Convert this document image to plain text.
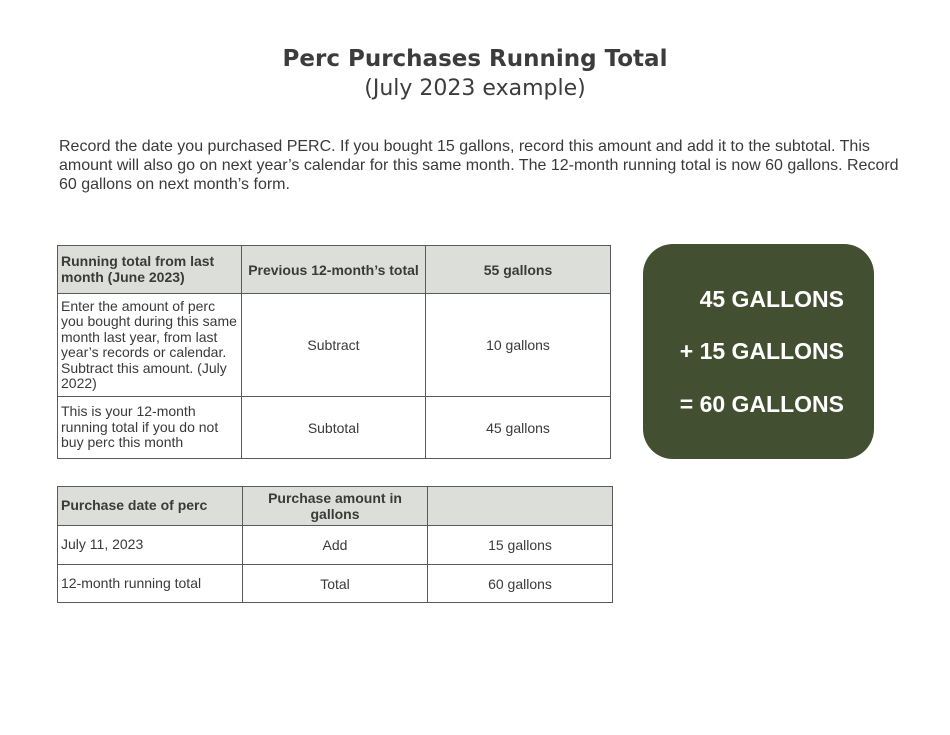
Perc Purchases Running Total
(July 2023 example)

Record the date you purchased PERC. If you bought 15 gallons, record this amount and add it to the subtotal. This amount will also go on next year’s calendar for this same month. The 12-month running total is now 60 gallons. Record 60 gallons on next month’s form.

Running total from last month (June 2023)	Previous 12-month’s total	55 gallons
Enter the amount of perc you bought during this same month last year, from last year’s records or calendar. Subtract this amount. (July 2022)	Subtract	10 gallons
This is your 12-month running total if you do not buy perc this month	Subtotal	45 gallons
Purchase date of perc	Purchase amount in gallons	
July 11, 2023	Add	15 gallons
12-month running total	Total	60 gallons
45 GALLONS
+ 15 GALLONS
= 60 GALLONS
